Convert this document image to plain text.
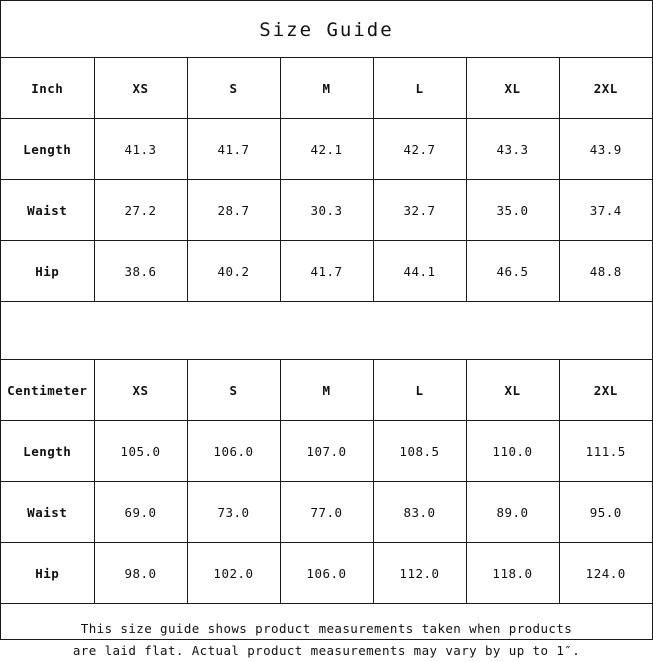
Size Guide
Inch	XS	S	M	L	XL	2XL
Length	41.3	41.7	42.1	42.7	43.3	43.9
Waist	27.2	28.7	30.3	32.7	35.0	37.4
Hip	38.6	40.2	41.7	44.1	46.5	48.8
Centimeter	XS	S	M	L	XL	2XL
Length	105.0	106.0	107.0	108.5	110.0	111.5
Waist	69.0	73.0	77.0	83.0	89.0	95.0
Hip	98.0	102.0	106.0	112.0	118.0	124.0
This size guide shows product measurements taken when products
are laid flat. Actual product measurements may vary by up to 1″.
